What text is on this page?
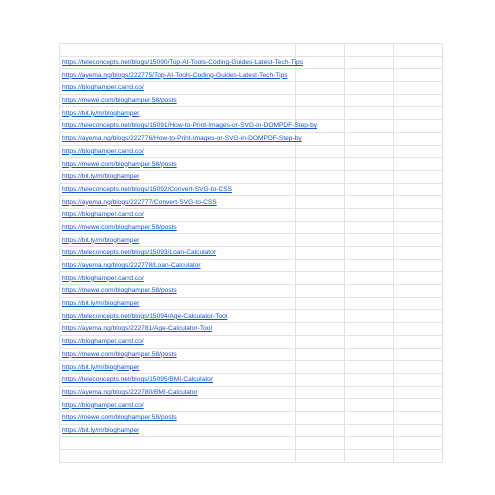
https://teleconcepts.net/blogs/15090/Top-AI-Tools-Coding-Guides-Latest-Tech-Tips			
https://ayema.ng/blogs/222775/Top-AI-Tools-Coding-Guides-Latest-Tech-Tips			
https://bloghamper.carrd.co/			
https://mewe.com/bloghamper.58/posts			
https://bit.ly/m/bloghamper			
https://teleconcepts.net/blogs/15091/How-to-Print-Images-or-SVG-in-DOMPDF-Step-by			
https://ayema.ng/blogs/222776/How-to-Print-Images-or-SVG-in-DOMPDF-Step-by			
https://bloghamper.carrd.co/			
https://mewe.com/bloghamper.58/posts			
https://bit.ly/m/bloghamper			
https://teleconcepts.net/blogs/15092/Convert-SVG-to-CSS			
https://ayema.ng/blogs/222777/Convert-SVG-to-CSS			
https://bloghamper.carrd.co/			
https://mewe.com/bloghamper.58/posts			
https://bit.ly/m/bloghamper			
https://teleconcepts.net/blogs/15093/Loan-Calculator			
https://ayema.ng/blogs/222778/Loan-Calculator			
https://bloghamper.carrd.co/			
https://mewe.com/bloghamper.58/posts			
https://bit.ly/m/bloghamper			
https://teleconcepts.net/blogs/15094/Age-Calculator-Tool			
https://ayema.ng/blogs/222781/Age-Calculator-Tool			
https://bloghamper.carrd.co/			
https://mewe.com/bloghamper.58/posts			
https://bit.ly/m/bloghamper			
https://teleconcepts.net/blogs/15095/BMI-Calculator			
https://ayema.ng/blogs/222780/BMI-Calculator			
https://bloghamper.carrd.co/			
https://mewe.com/bloghamper.58/posts			
https://bit.ly/m/bloghamper			
